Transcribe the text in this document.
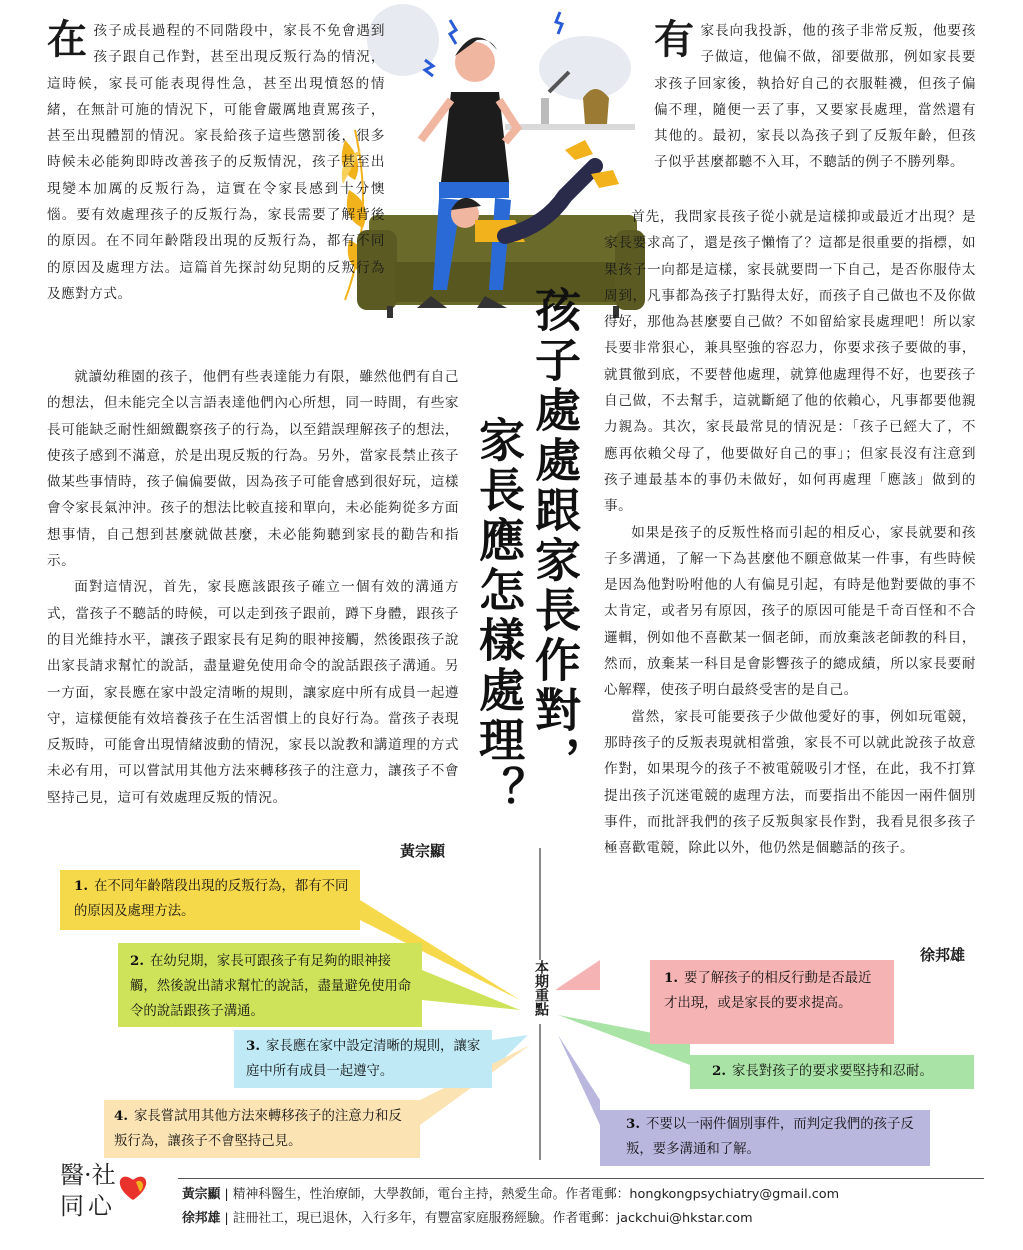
在 孩子成長過程的不同階段中，家長不免會遇到孩子跟自己作對，甚至出現反叛行為的情況，這時候，家長可能表現得性急，甚至出現憤怒的情緒，在無計可施的情況下，可能會嚴厲地責罵孩子，甚至出現體罰的情況。家長給孩子這些懲罰後，很多時候未必能夠即時改善孩子的反叛情況，孩子甚至出現變本加厲的反叛行為，這實在令家長感到十分懊惱。要有效處理孩子的反叛行為，家長需要了解背後的原因。在不同年齡階段出現的反叛行為，都有不同的原因及處理方法。這篇首先探討幼兒期的反叛行為及應對方式。

就讀幼稚園的孩子，他們有些表達能力有限，雖然他們有自己的想法，但未能完全以言語表達他們內心所想，同一時間，有些家長可能缺乏耐性細緻觀察孩子的行為，以至錯誤理解孩子的想法，使孩子感到不滿意，於是出現反叛的行為。另外，當家長禁止孩子做某些事情時，孩子偏偏要做，因為孩子可能會感到很好玩，這樣會令家長氣沖沖。孩子的想法比較直接和單向，未必能夠從多方面想事情，自己想到甚麼就做甚麼，未必能夠聽到家長的勸告和指示。

面對這情況，首先，家長應該跟孩子確立一個有效的溝通方式，當孩子不聽話的時候，可以走到孩子跟前，蹲下身體，跟孩子的目光維持水平，讓孩子跟家長有足夠的眼神接觸，然後跟孩子說出家長請求幫忙的說話，盡量避免使用命令的說話跟孩子溝通。另一方面，家長應在家中設定清晰的規則，讓家庭中所有成員一起遵守，這樣便能有效培養孩子在生活習慣上的良好行為。當孩子表現反叛時，可能會出現情緒波動的情況，家長以說教和講道理的方式未必有用，可以嘗試用其他方法來轉移孩子的注意力，讓孩子不會堅持己見，這可有效處理反叛的情況。

黃宗顯
孩子處處跟家長作對，
家長應怎樣處理？
有 家長向我投訴，他的孩子非常反叛，他要孩子做這，他偏不做，卻要做那，例如家長要求孩子回家後，執拾好自己的衣服鞋襪，但孩子偏偏不理，隨便一丟了事，又要家長處理，當然還有其他的。最初，家長以為孩子到了反叛年齡，但孩子似乎甚麼都聽不入耳，不聽話的例子不勝列舉。

首先，我問家長孩子從小就是這樣抑或最近才出現？是家長要求高了，還是孩子懶惰了？這都是很重要的指標，如果孩子一向都是這樣，家長就要問一下自己，是否你服侍太周到，凡事都為孩子打點得太好，而孩子自己做也不及你做得好，那他為甚麼要自己做？不如留給家長處理吧！所以家長要非常狠心，兼具堅強的容忍力，你要求孩子要做的事，就貫徹到底，不要替他處理，就算他處理得不好，也要孩子自己做，不去幫手，這就斷絕了他的依賴心，凡事都要他親力親為。其次，家長最常見的情況是：「孩子已經大了，不應再依賴父母了，他要做好自己的事」；但家長沒有注意到孩子連最基本的事仍未做好，如何再處理「應該」做到的事。

如果是孩子的反叛性格而引起的相反心，家長就要和孩子多溝通，了解一下為甚麼他不願意做某一件事，有些時候是因為他對吩咐他的人有偏見引起，有時是他對要做的事不太肯定，或者另有原因，孩子的原因可能是千奇百怪和不合邏輯，例如他不喜歡某一個老師，而放棄該老師教的科目，然而，放棄某一科目是會影響孩子的總成績，所以家長要耐心解釋，使孩子明白最終受害的是自己。

當然，家長可能要孩子少做他愛好的事，例如玩電競，那時孩子的反叛表現就相當強，家長不可以就此說孩子故意作對，如果現今的孩子不被電競吸引才怪，在此，我不打算提出孩子沉迷電競的處理方法，而要指出不能因一兩件個別事件，而批評我們的孩子反叛與家長作對，我看見很多孩子極喜歡電競，除此以外，他仍然是個聽話的孩子。

徐邦雄
本期重點
1. 在不同年齡階段出現的反叛行為，都有不同的原因及處理方法。
2. 在幼兒期，家長可跟孩子有足夠的眼神接觸，然後說出請求幫忙的說話，盡量避免使用命令的說話跟孩子溝通。
3. 家長應在家中設定清晰的規則，讓家庭中所有成員一起遵守。
4. 家長嘗試用其他方法來轉移孩子的注意力和反叛行為，讓孩子不會堅持己見。
1. 要了解孩子的相反行動是否最近才出現，或是家長的要求提高。
2. 家長對孩子的要求要堅持和忍耐。
3. 不要以一兩件個別事件，而判定我們的孩子反叛，要多溝通和了解。
醫·社
同心	黃宗顯 | 精神科醫生，性治療師，大學教師，電台主持，熱愛生命。作者電郵：hongkongpsychiatry@gmail.com
徐邦雄 | 註冊社工，現已退休，入行多年，有豐富家庭服務經驗。作者電郵：jackchui@hkstar.com
